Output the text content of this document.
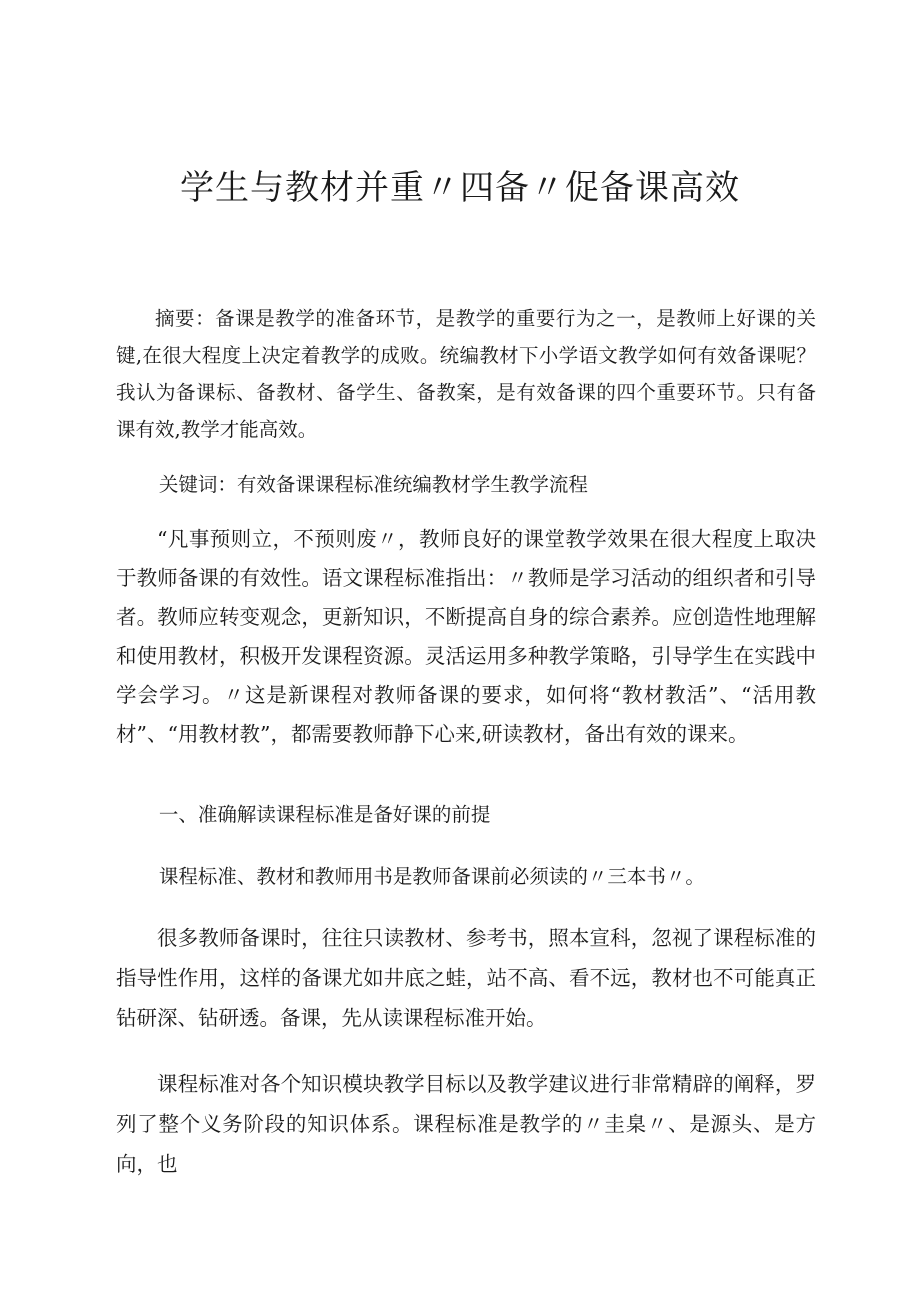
学生与教材并重〃四备〃促备课高效

摘要：备课是教学的准备环节，是教学的重要行为之一，是教师上好课的关键,在很大程度上决定着教学的成败。统编教材下小学语文教学如何有效备课呢？我认为备课标、备教材、备学生、备教案，是有效备课的四个重要环节。只有备课有效,教学才能高效。

关键词：有效备课课程标准统编教材学生教学流程

“凡事预则立，不预则废〃，教师良好的课堂教学效果在很大程度上取决于教师备课的有效性。语文课程标准指出：〃教师是学习活动的组织者和引导者。教师应转变观念，更新知识，不断提高自身的综合素养。应创造性地理解和使用教材，积极开发课程资源。灵活运用多种教学策略，引导学生在实践中学会学习。〃这是新课程对教师备课的要求，如何将“教材教活”、“活用教材”、“用教材教”，都需要教师静下心来,研读教材，备出有效的课来。

一、准确解读课程标准是备好课的前提

课程标准、教材和教师用书是教师备课前必须读的〃三本书〃。

很多教师备课时，往往只读教材、参考书，照本宣科，忽视了课程标准的指导性作用，这样的备课尤如井底之蛙，站不高、看不远，教材也不可能真正钻研深、钻研透。备课，先从读课程标准开始。

课程标准对各个知识模块教学目标以及教学建议进行非常精辟的阐释，罗列了整个义务阶段的知识体系。课程标准是教学的〃圭臬〃、是源头、是方向，也
